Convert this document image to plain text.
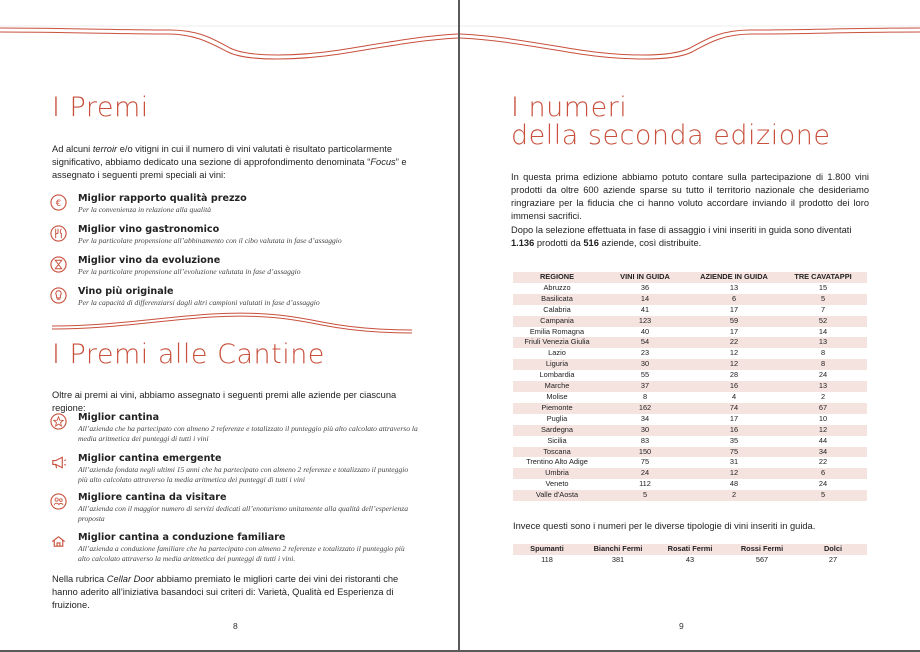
I Premi

Ad alcuni terroir e/o vitigni in cui il numero di vini valutati è risultato particolarmente significativo, abbiamo dedicato una sezione di approfondimento denominata “Focus” e assegnato i seguenti premi speciali ai vini:

€ Miglior rapporto qualità prezzo
Per la convenienza in relazione alla qualità
Miglior vino gastronomico
Per la particolare propensione all’abbinamento con il cibo valutata in fase d’assaggio
Miglior vino da evoluzione
Per la particolare propensione all’evoluzione valutata in fase d’assaggio
Vino più originale
Per la capacità di differenziarsi dagli altri campioni valutati in fase d’assaggio
I Premi alle Cantine

Oltre ai premi ai vini, abbiamo assegnato i seguenti premi alle aziende per ciascuna regione:

Miglior cantina
All’azienda che ha partecipato con almeno 2 referenze e totalizzato il punteggio più alto calcolato attraverso la media aritmetica dei punteggi di tutti i vini
Miglior cantina emergente
All’azienda fondata negli ultimi 15 anni che ha partecipato con almeno 2 referenze e totalizzato il punteggio più alto calcolato attraverso la media aritmetica dei punteggi di tutti i vini
Migliore cantina da visitare
All’azienda con il maggior numero di servizi dedicati all’enoturismo unitamente alla qualità dell’esperienza proposta
Miglior cantina a conduzione familiare
All’azienda a conduzione familiare che ha partecipato con almeno 2 referenze e totalizzato il punteggio più alto calcolato attraverso la media aritmetica dei punteggi di tutti i vini.

Nella rubrica Cellar Door abbiamo premiato le migliori carte dei vini dei ristoranti che hanno aderito all’iniziativa basandoci sui criteri di: Varietà, Qualità ed Esperienza di fruizione.

8
I numeri
della seconda edizione

In questa prima edizione abbiamo potuto contare sulla partecipazione di 1.800 vini prodotti da oltre 600 aziende sparse su tutto il territorio nazionale che desideriamo ringraziare per la fiducia che ci hanno voluto accordare inviando il prodotto dei loro immensi sacrifici.

Dopo la selezione effettuata in fase di assaggio i vini inseriti in guida sono diventati 1.136 prodotti da 516 aziende, così distribuite.

REGIONE	VINI IN GUIDA	AZIENDE IN GUIDA	TRE CAVATAPPI
Abruzzo	36	13	15
Basilicata	14	6	5
Calabria	41	17	7
Campania	123	59	52
Emilia Romagna	40	17	14
Friuli Venezia Giulia	54	22	13
Lazio	23	12	8
Liguria	30	12	8
Lombardia	55	28	24
Marche	37	16	13
Molise	8	4	2
Piemonte	162	74	67
Puglia	34	17	10
Sardegna	30	16	12
Sicilia	83	35	44
Toscana	150	75	34
Trentino Alto Adige	75	31	22
Umbria	24	12	6
Veneto	112	48	24
Valle d'Aosta	5	2	5

Invece questi sono i numeri per le diverse tipologie di vini inseriti in guida.

Spumanti	Bianchi Fermi	Rosati Fermi	Rossi Fermi	Dolci
118	381	43	567	27
9
